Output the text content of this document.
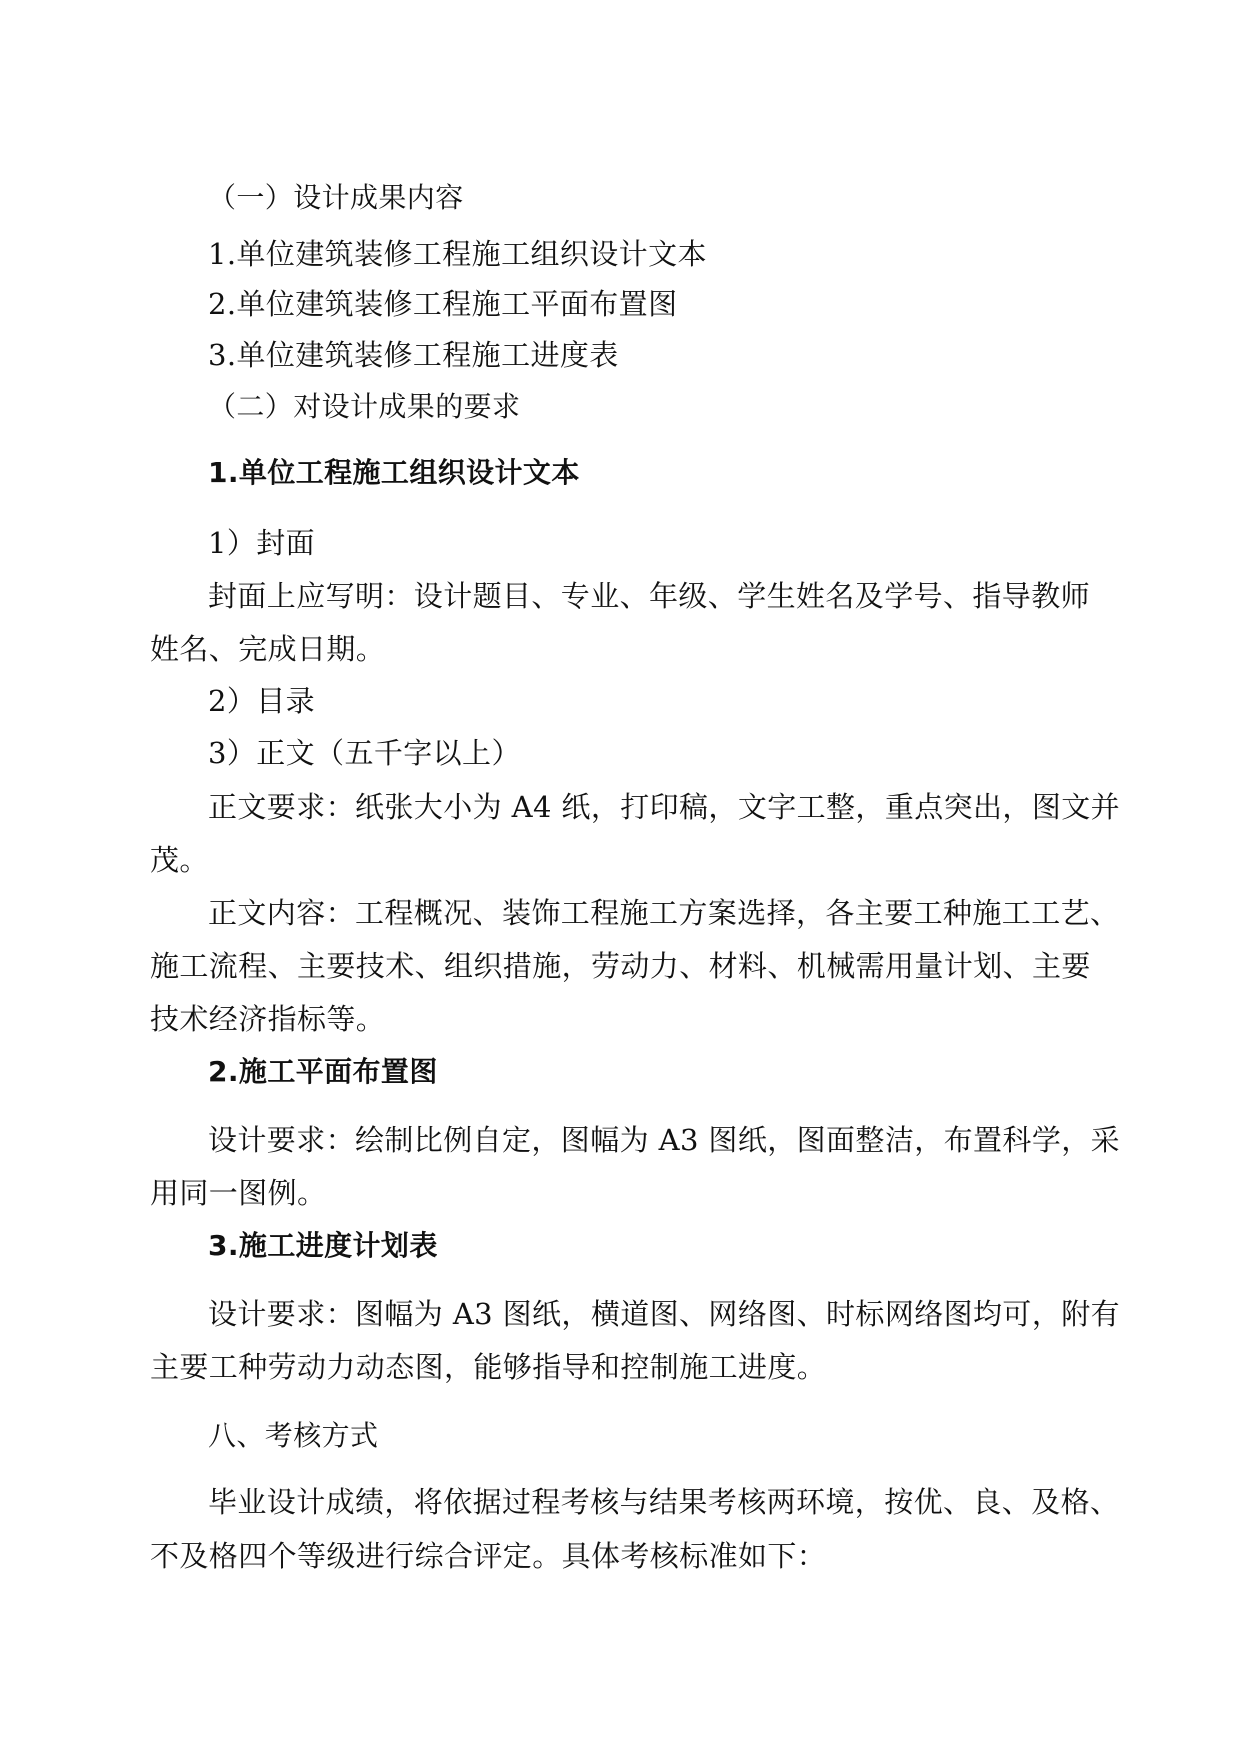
（一）设计成果内容
1.单位建筑装修工程施工组织设计文本
2.单位建筑装修工程施工平面布置图
3.单位建筑装修工程施工进度表
（二）对设计成果的要求
1.单位工程施工组织设计文本
1）封面
封面上应写明：设计题目、专业、年级、学生姓名及学号、指导教师
姓名、完成日期。
2）目录
3）正文（五千字以上）
正文要求：纸张大小为 A4 纸，打印稿，文字工整，重点突出，图文并
茂。
正文内容：工程概况、装饰工程施工方案选择，各主要工种施工工艺、
施工流程、主要技术、组织措施，劳动力、材料、机械需用量计划、主要
技术经济指标等。
2.施工平面布置图
设计要求：绘制比例自定，图幅为 A3 图纸，图面整洁，布置科学，采
用同一图例。
3.施工进度计划表
设计要求：图幅为 A3 图纸，横道图、网络图、时标网络图均可，附有
主要工种劳动力动态图，能够指导和控制施工进度。
八、考核方式
毕业设计成绩，将依据过程考核与结果考核两环境，按优、良、及格、
不及格四个等级进行综合评定。具体考核标准如下：
